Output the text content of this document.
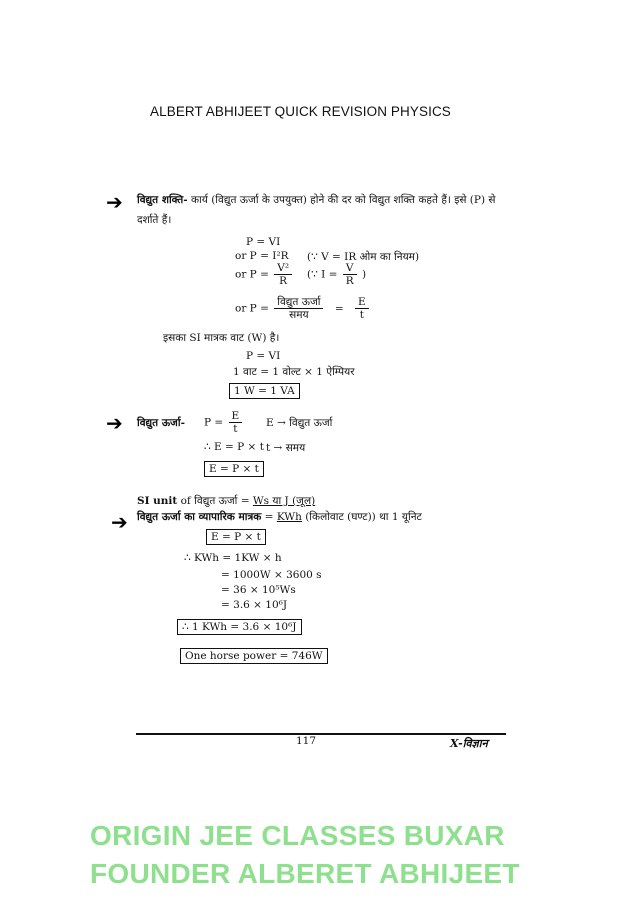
ALBERT ABHIJEET QUICK REVISION PHYSICS
➔ विद्युत शक्ति- कार्य (विद्युत ऊर्जा के उपयुक्त) होने की दर को विद्युत शक्ति कहते हैं। इसे (P) से
दर्शाते हैं।
P = VI
or P = I²R (∵ V = IR ओम का नियम)
or $P = \frac{\text{V²}}{R}$ (∵ $I = \frac{V}{R}$ )
or $P = \frac{\text{विद्युत ऊर्जा}}{\text{समय}} = \frac{E}{t}$
इसका SI मात्रक वाट (W) है।
P = VI
1 वाट = 1 वोल्ट × 1 ऐम्पियर
1 W = 1 VA
➔ विद्युत ऊर्जा- $P = \frac{E}{t}$ E → विद्युत ऊर्जा
∴ E = P × t t → समय
E = P × t
SI unit of विद्युत ऊर्जा = Ws या J (जूल)
➔ विद्युत ऊर्जा का व्यापारिक मात्रक = KWh (किलोवाट (घण्ट)) था 1 यूनिट
E = P × t
∴ KWh = 1KW × h
= 1000W × 3600 s
= 36 × 10⁵Ws
= 3.6 × 10⁶J
∴ 1 KWh = 3.6 × 10⁶J
One horse power = 746W
117	X-विज्ञान
ORIGIN JEE CLASSES BUXAR
FOUNDER ALBERET ABHIJEET
